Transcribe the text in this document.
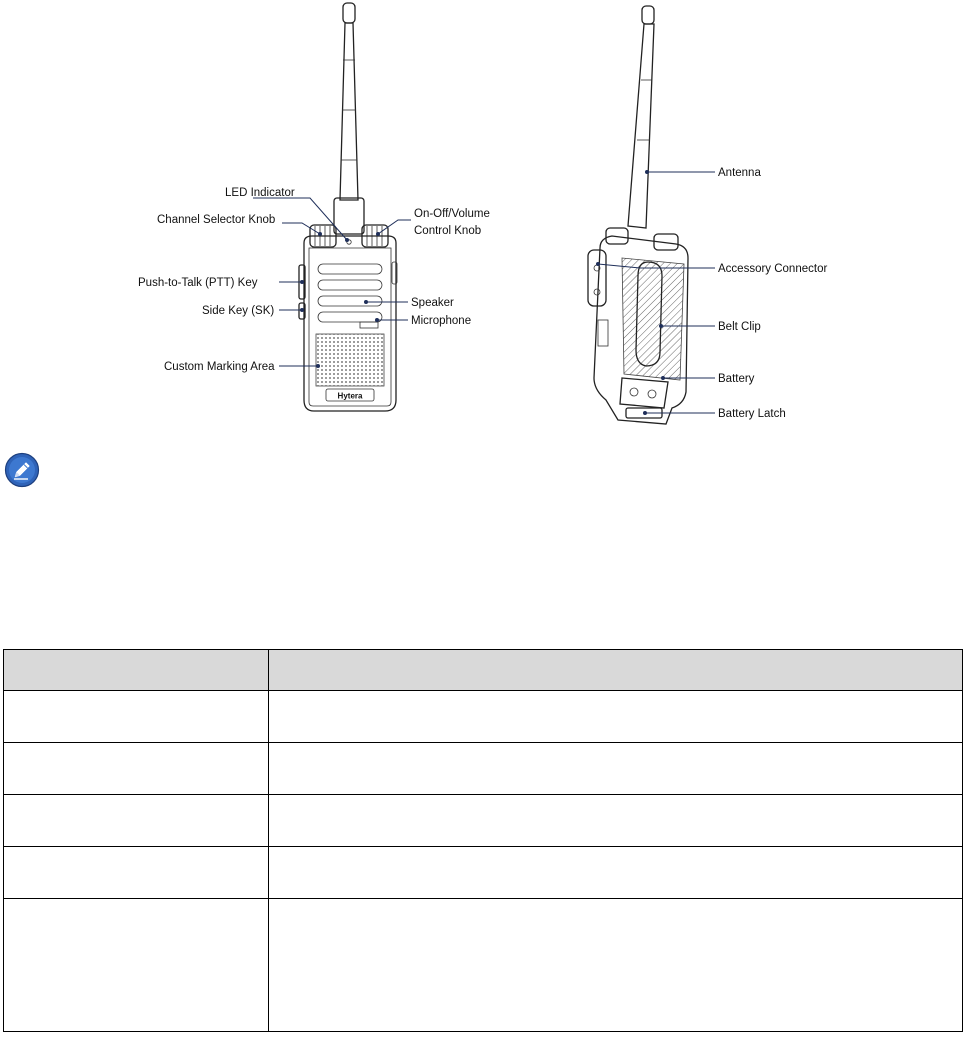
Hytera
LED Indicator
Channel Selector Knob	On-Off/Volume
Control Knob
Push-to-Talk (PTT) Key
Side Key (SK)
Speaker
Microphone
Custom Marking Area
Antenna
Accessory Connector
Belt Clip
Battery
Battery Latch
